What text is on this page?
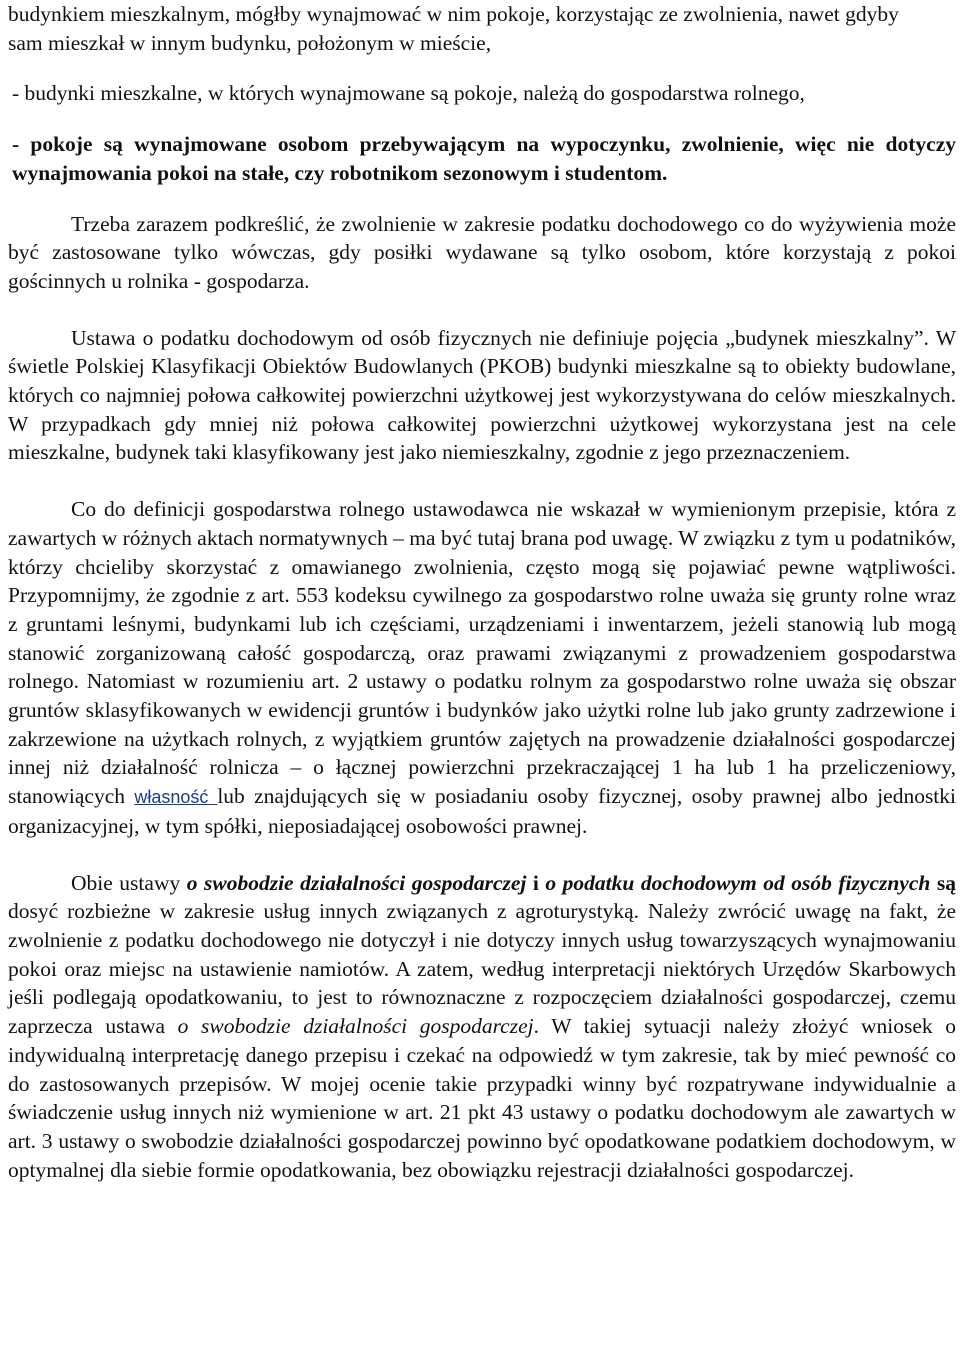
budynkiem mieszkalnym, mógłby wynajmować w nim pokoje, korzystając ze zwolnienia, nawet gdyby sam mieszkał w innym budynku, położonym w mieście,

- budynki mieszkalne, w których wynajmowane są pokoje, należą do gospodarstwa rolnego,

- pokoje są wynajmowane osobom przebywającym na wypoczynku, zwolnienie, więc nie dotyczy wynajmowania pokoi na stałe, czy robotnikom sezonowym i studentom.

Trzeba zarazem podkreślić, że zwolnienie w zakresie podatku dochodowego co do wyżywienia może być zastosowane tylko wówczas, gdy posiłki wydawane są tylko osobom, które korzystają z pokoi gościnnych u rolnika - gospodarza.

Ustawa o podatku dochodowym od osób fizycznych nie definiuje pojęcia „budynek mieszkalny”. W świetle Polskiej Klasyfikacji Obiektów Budowlanych (PKOB) budynki mieszkalne są to obiekty budowlane, których co najmniej połowa całkowitej powierzchni użytkowej jest wykorzystywana do celów mieszkalnych. W przypadkach gdy mniej niż połowa całkowitej powierzchni użytkowej wykorzystana jest na cele mieszkalne, budynek taki klasyfikowany jest jako niemieszkalny, zgodnie z jego przeznaczeniem.

Co do definicji gospodarstwa rolnego ustawodawca nie wskazał w wymienionym przepisie, która z zawartych w różnych aktach normatywnych – ma być tutaj brana pod uwagę. W związku z tym u podatników, którzy chcieliby skorzystać z omawianego zwolnienia, często mogą się pojawiać pewne wątpliwości. Przypomnijmy, że zgodnie z art. 553 kodeksu cywilnego za gospodarstwo rolne uważa się grunty rolne wraz z gruntami leśnymi, budynkami lub ich częściami, urządzeniami i inwentarzem, jeżeli stanowią lub mogą stanowić zorganizowaną całość gospodarczą, oraz prawami związanymi z prowadzeniem gospodarstwa rolnego. Natomiast w rozumieniu art. 2 ustawy o podatku rolnym za gospodarstwo rolne uważa się obszar gruntów sklasyfikowanych w ewidencji gruntów i budynków jako użytki rolne lub jako grunty zadrzewione i zakrzewione na użytkach rolnych, z wyjątkiem gruntów zajętych na prowadzenie działalności gospodarczej innej niż działalność rolnicza – o łącznej powierzchni przekraczającej 1 ha lub 1 ha przeliczeniowy, stanowiących własność lub znajdujących się w posiadaniu osoby fizycznej, osoby prawnej albo jednostki organizacyjnej, w tym spółki, nieposiadającej osobowości prawnej.

Obie ustawy o swobodzie działalności gospodarczej i o podatku dochodowym od osób fizycznych są dosyć rozbieżne w zakresie usług innych związanych z agroturystyką. Należy zwrócić uwagę na fakt, że zwolnienie z podatku dochodowego nie dotyczył i nie dotyczy innych usług towarzyszących wynajmowaniu pokoi oraz miejsc na ustawienie namiotów. A zatem, według interpretacji niektórych Urzędów Skarbowych jeśli podlegają opodatkowaniu, to jest to równoznaczne z rozpoczęciem działalności gospodarczej, czemu zaprzecza ustawa o swobodzie działalności gospodarczej. W takiej sytuacji należy złożyć wniosek o indywidualną interpretację danego przepisu i czekać na odpowiedź w tym zakresie, tak by mieć pewność co do zastosowanych przepisów. W mojej ocenie takie przypadki winny być rozpatrywane indywidualnie a świadczenie usług innych niż wymienione w art. 21 pkt 43 ustawy o podatku dochodowym ale zawartych w art. 3 ustawy o swobodzie działalności gospodarczej powinno być opodatkowane podatkiem dochodowym, w optymalnej dla siebie formie opodatkowania, bez obowiązku rejestracji działalności gospodarczej.
